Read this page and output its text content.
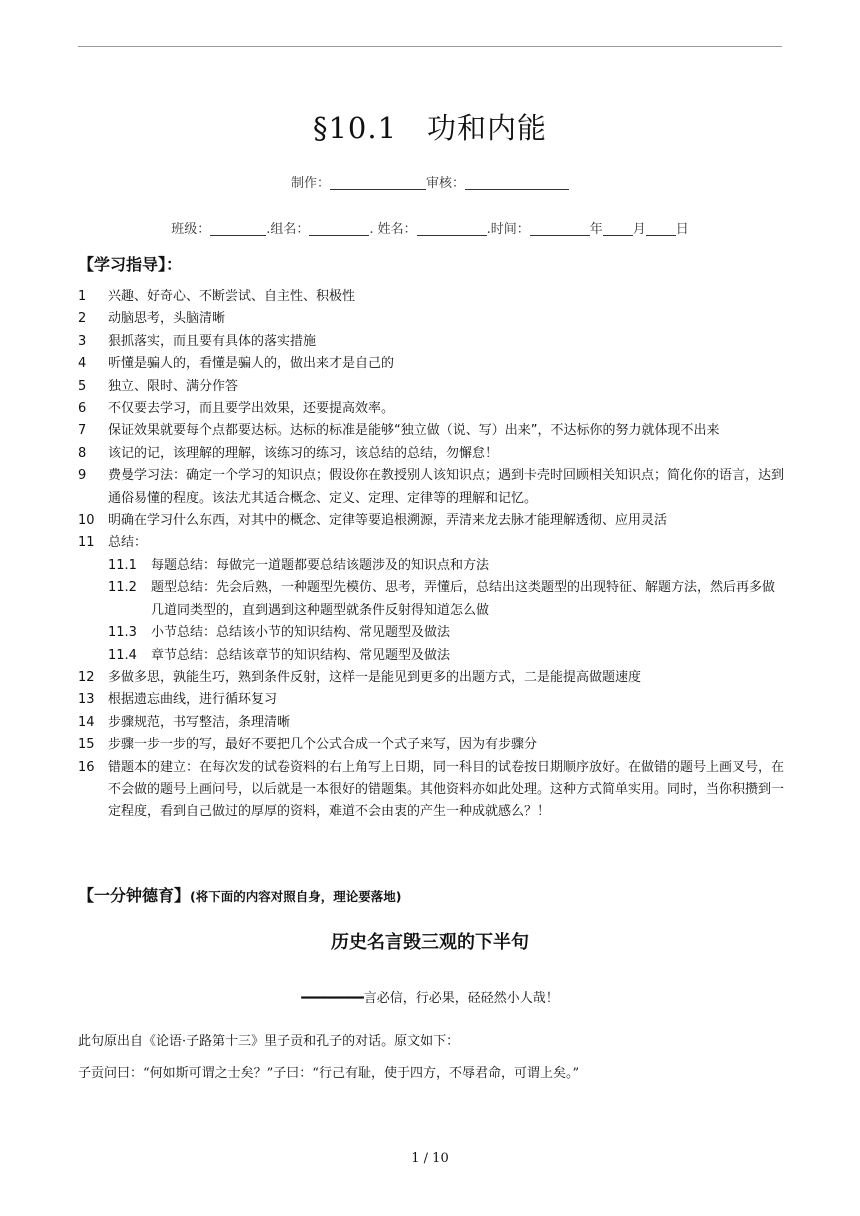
§10.1　功和内能
制作：	审核：
班级：	.组名：	. 姓名：	.时间：	年 月 日
【学习指导】：
1 兴趣、好奇心、不断尝试、自主性、积极性
2 动脑思考，头脑清晰
3 狠抓落实，而且要有具体的落实措施
4 听懂是骗人的，看懂是骗人的，做出来才是自己的
5 独立、限时、满分作答
6 不仅要去学习，而且要学出效果，还要提高效率。
7 保证效果就要每个点都要达标。达标的标准是能够“独立做（说、写）出来”，不达标你的努力就体现不出来
8 该记的记，该理解的理解，该练习的练习，该总结的总结，勿懈怠！
9 费曼学习法：确定一个学习的知识点；假设你在教授别人该知识点；遇到卡壳时回顾相关知识点；简化你的语言，达到通俗易懂的程度。该法尤其适合概念、定义、定理、定律等的理解和记忆。
10 明确在学习什么东西，对其中的概念、定律等要追根溯源，弄清来龙去脉才能理解透彻、应用灵活
11 总结：
11.1 每题总结：每做完一道题都要总结该题涉及的知识点和方法
11.2 题型总结：先会后熟，一种题型先模仿、思考，弄懂后，总结出这类题型的出现特征、解题方法，然后再多做几道同类型的，直到遇到这种题型就条件反射得知道怎么做
11.3 小节总结：总结该小节的知识结构、常见题型及做法
11.4 章节总结：总结该章节的知识结构、常见题型及做法
12 多做多思，孰能生巧，熟到条件反射，这样一是能见到更多的出题方式，二是能提高做题速度
13 根据遗忘曲线，进行循环复习
14 步骤规范，书写整洁，条理清晰
15 步骤一步一步的写，最好不要把几个公式合成一个式子来写，因为有步骤分
16 错题本的建立：在每次发的试卷资料的右上角写上日期，同一科目的试卷按日期顺序放好。在做错的题号上画叉号，在不会做的题号上画问号，以后就是一本很好的错题集。其他资料亦如此处理。这种方式简单实用。同时，当你积攒到一定程度，看到自己做过的厚厚的资料，难道不会由衷的产生一种成就感么？！
【一分钟德育】(将下面的内容对照自身，理论要落地)
历史名言毁三观的下半句
━━━━━━━━言必信，行必果，硁硁然小人哉！
此句原出自《论语·子路第十三》里子贡和孔子的对话。原文如下：
子贡问曰：“何如斯可谓之士矣？”子曰：“行己有耻，使于四方，不辱君命，可谓上矣。”
1 / 10
